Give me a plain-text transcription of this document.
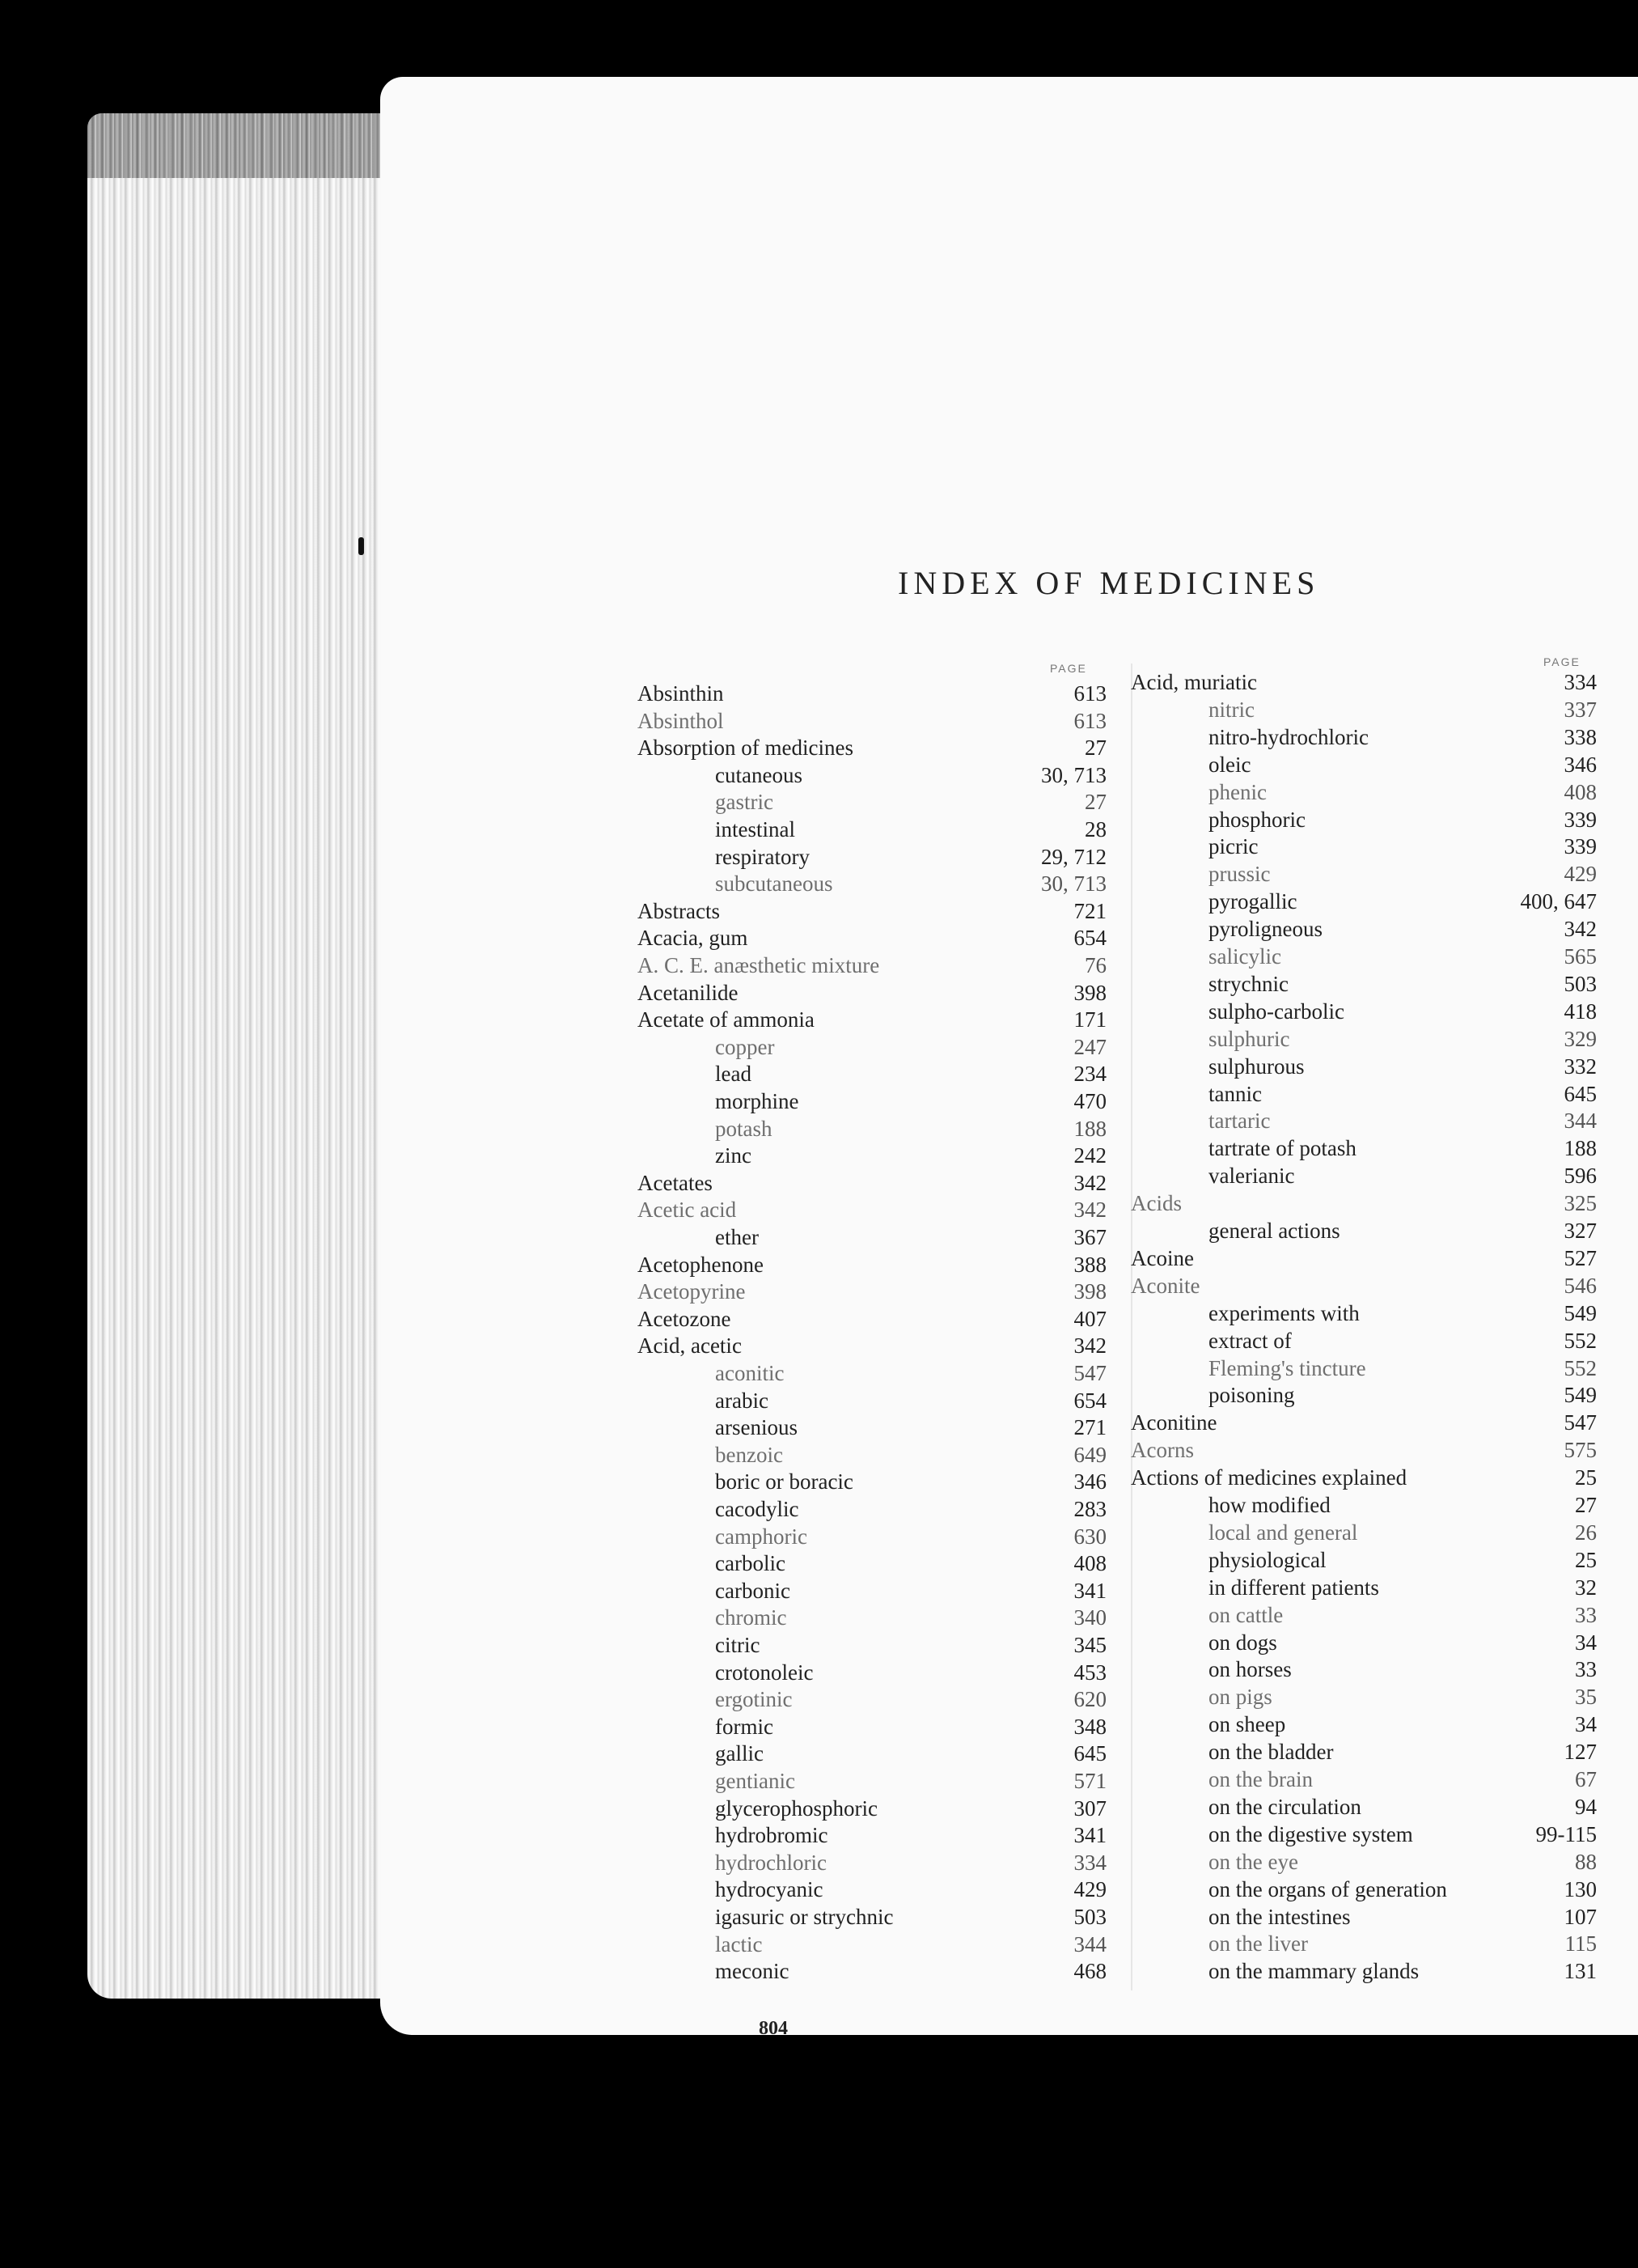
INDEX OF MEDICINES
PAGE	PAGE
Absinthin	613
Absinthol	613
Absorption of medicines	27
cutaneous	30, 713
gastric	27
intestinal	28
respiratory	29, 712
subcutaneous	30, 713
Abstracts	721
Acacia, gum	654
A. C. E. anæsthetic mixture	76
Acetanilide	398
Acetate of ammonia	171
copper	247
lead	234
morphine	470
potash	188
zinc	242
Acetates	342
Acetic acid	342
ether	367
Acetophenone	388
Acetopyrine	398
Acetozone	407
Acid, acetic	342
aconitic	547
arabic	654
arsenious	271
benzoic	649
boric or boracic	346
cacodylic	283
camphoric	630
carbolic	408
carbonic	341
chromic	340
citric	345
crotonoleic	453
ergotinic	620
formic	348
gallic	645
gentianic	571
glycerophosphoric	307
hydrobromic	341
hydrochloric	334
hydrocyanic	429
igasuric or strychnic	503
lactic	344
meconic	468
Acid, muriatic	334
nitric	337
nitro-hydrochloric	338
oleic	346
phenic	408
phosphoric	339
picric	339
prussic	429
pyrogallic	400, 647
pyroligneous	342
salicylic	565
strychnic	503
sulpho-carbolic	418
sulphuric	329
sulphurous	332
tannic	645
tartaric	344
tartrate of potash	188
valerianic	596
Acids	325
general actions	327
Acoine	527
Aconite	546
experiments with	549
extract of	552
Fleming's tincture	552
poisoning	549
Aconitine	547
Acorns	575
Actions of medicines explained	25
how modified	27
local and general	26
physiological	25
in different patients	32
on cattle	33
on dogs	34
on horses	33
on pigs	35
on sheep	34
on the bladder	127
on the brain	67
on the circulation	94
on the digestive system	99-115
on the eye	88
on the organs of generation	130
on the intestines	107
on the liver	115
on the mammary glands	131
804
